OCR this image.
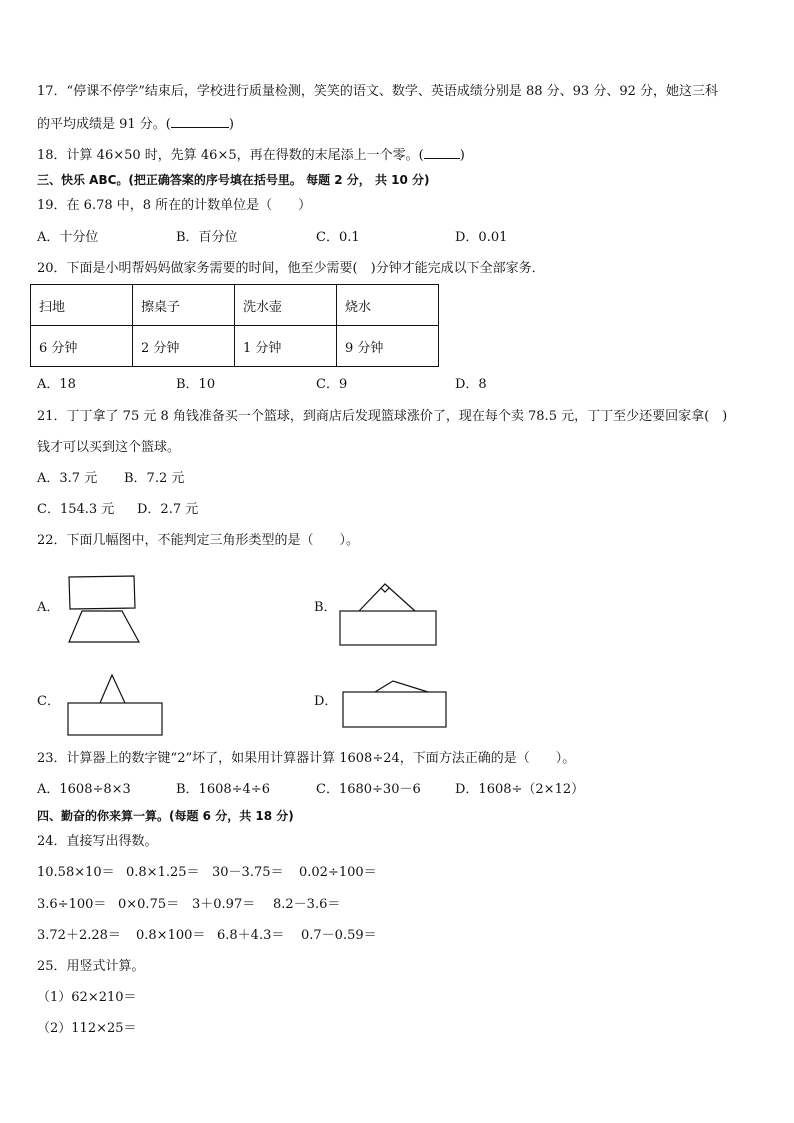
17．“停课不停学”结束后，学校进行质量检测，笑笑的语文、数学、英语成绩分别是 88 分、93 分、92 分，她这三科
的平均成绩是 91 分。(	)
18．计算 46×50 时，先算 46×5，再在得数的末尾添上一个零。(	)
三、快乐 ABC。(把正确答案的序号填在括号里。 每题 2 分， 共 10 分)
19．在 6.78 中，8 所在的计数单位是（　　）
A．十分位	B．百分位	C．0.1	D．0.01
20．下面是小明帮妈妈做家务需要的时间，他至少需要(　)分钟才能完成以下全部家务．
扫地	擦桌子	洗水壶	烧水
6 分钟	2 分钟	1 分钟	9 分钟
A．18	B．10	C．9	D．8
21．丁丁拿了 75 元 8 角钱准备买一个篮球，到商店后发现篮球涨价了，现在每个卖 78.5 元，丁丁至少还要回家拿(　)
钱才可以买到这个篮球。
A．3.7 元 B．7.2 元
C．154.3 元 D．2.7 元
22．下面几幅图中，不能判定三角形类型的是（　　）。
A．	B．
C．	D．
23．计算器上的数字键“2”坏了，如果用计算器计算 1608÷24，下面方法正确的是（　　）。
A．1608÷8×3	B．1608÷4÷6	C．1680÷30－6	D．1608÷（2×12）
四、勤奋的你来算一算。(每题 6 分，共 18 分)
24．直接写出得数。
10.58×10＝ 0.8×1.25＝ 30－3.75＝ 0.02÷100＝
3.6÷100＝ 0×0.75＝ 3＋0.97＝ 8.2－3.6＝
3.72＋2.28＝ 0.8×100＝ 6.8＋4.3＝ 0.7－0.59＝
25．用竖式计算。
（1）62×210＝
（2）112×25＝
